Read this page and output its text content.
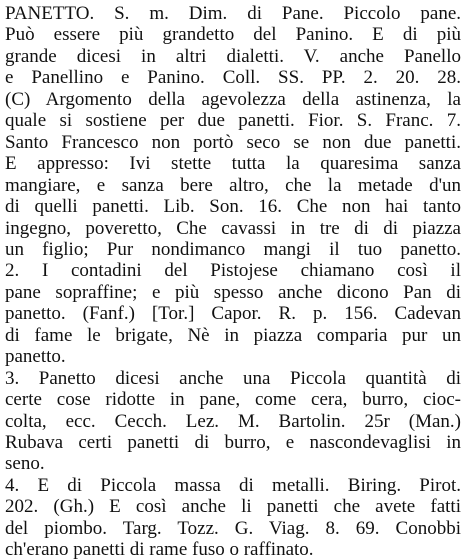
PANETTO. S. m. Dim. di Pane. Piccolo pane.
Può essere più grandetto del Panino. E di più
grande dicesi in altri dialetti. V. anche Panello
e Panellino e Panino. Coll. SS. PP. 2. 20. 28.
(C) Argomento della agevolezza della astinenza, la
quale si sostiene per due panetti. Fior. S. Franc. 7.
Santo Francesco non portò seco se non due panetti.
E appresso: Ivi stette tutta la quaresima sanza
mangiare, e sanza bere altro, che la metade d'un
di quelli panetti. Lib. Son. 16. Che non hai tanto
ingegno, poveretto, Che cavassi in tre di di piazza
un figlio; Pur nondimanco mangi il tuo panetto.
2. I contadini del Pistojese chiamano così il
pane sopraffine; e più spesso anche dicono Pan di
panetto. (Fanf.) [Tor.] Capor. R. p. 156. Cadevan
di fame le brigate, Nè in piazza comparia pur un
panetto.
3. Panetto dicesi anche una Piccola quantità di
certe cose ridotte in pane, come cera, burro, cioc-
colta, ecc. Cecch. Lez. M. Bartolin. 25r (Man.)
Rubava certi panetti di burro, e nascondevaglisi in
seno.
4. E di Piccola massa di metalli. Biring. Pirot.
202. (Gh.) E così anche li panetti che avete fatti
del piombo. Targ. Tozz. G. Viag. 8. 69. Conobbi
ch'erano panetti di rame fuso o raffinato.
